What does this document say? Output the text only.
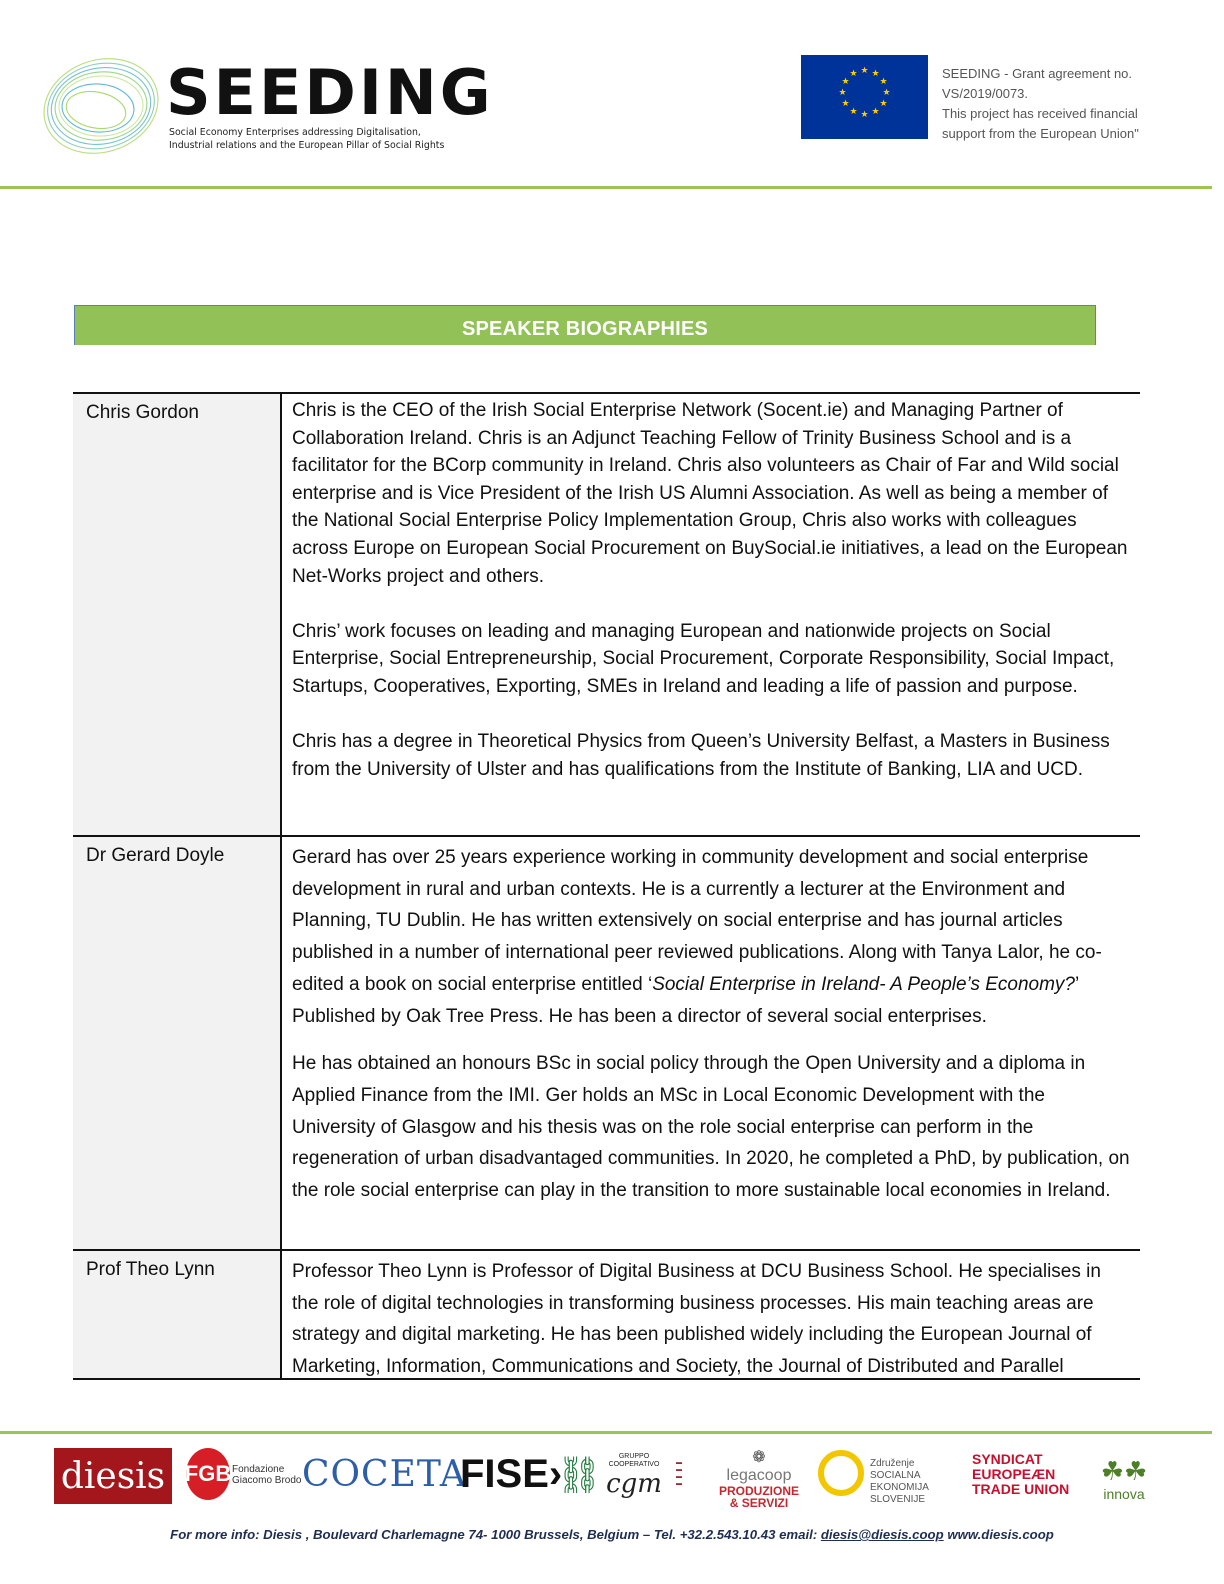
SEEDING
Social Economy Enterprises addressing Digitalisation,
Industrial relations and the European Pillar of Social Rights
★ ★
★
★
★
★
★
★
★
★
★
★	SEEDING - Grant agreement no.
VS/2019/0073.
This project has received financial
support from the European Union"
SPEAKER BIOGRAPHIES
Chris Gordon	Chris is the CEO of the Irish Social Enterprise Network (Socent.ie) and Managing Partner of Collaboration Ireland. Chris is an Adjunct Teaching Fellow of Trinity Business School and is a facilitator for the BCorp community in Ireland. Chris also volunteers as Chair of Far and Wild social enterprise and is Vice President of the Irish US Alumni Association. As well as being a member of the National Social Enterprise Policy Implementation Group, Chris also works with colleagues across Europe on European Social Procurement on BuySocial.ie initiatives, a lead on the European Net-Works project and others.

Chris’ work focuses on leading and managing European and nationwide projects on Social Enterprise, Social Entrepreneurship, Social Procurement, Corporate Responsibility, Social Impact, Startups, Cooperatives, Exporting, SMEs in Ireland and leading a life of passion and purpose.

Chris has a degree in Theoretical Physics from Queen’s University Belfast, a Masters in Business from the University of Ulster and has qualifications from the Institute of Banking, LIA and UCD.

Dr Gerard Doyle	Gerard has over 25 years experience working in community development and social enterprise development in rural and urban contexts. He is a currently a lecturer at the Environment and Planning, TU Dublin. He has written extensively on social enterprise and has journal articles published in a number of international peer reviewed publications. Along with Tanya Lalor, he co-edited a book on social enterprise entitled ‘Social Enterprise in Ireland- A People’s Economy?’ Published by Oak Tree Press. He has been a director of several social enterprises.

He has obtained an honours BSc in social policy through the Open University and a diploma in Applied Finance from the IMI. Ger holds an MSc in Local Economic Development with the University of Glasgow and his thesis was on the role social enterprise can perform in the regeneration of urban disadvantaged communities. In 2020, he completed a PhD, by publication, on the role social enterprise can play in the transition to more sustainable local economies in Ireland.

Prof Theo Lynn	Professor Theo Lynn is Professor of Digital Business at DCU Business School. He specialises in the role of digital technologies in transforming business processes. His main teaching areas are strategy and digital marketing. He has been published widely including the European Journal of Marketing, Information, Communications and Society, the Journal of Distributed and Parallel

diesis FGB Fondazione
Giacomo Brodo COCETA
FISE›
⛓ GRUPPO
COOPERATIVO
cgm
▬
▬
▬
▬
❁
legacoop
PRODUZIONE
& SERVIZI
Združenje
SOCIALNA EKONOMIJA
SLOVENIJE
SYNDICAT
EUROPEÆN
TRADE UNION
☘☘
innova
For more info: Diesis , Boulevard Charlemagne 74- 1000 Brussels, Belgium – Tel. +32.2.543.10.43 email: diesis@diesis.coop www.diesis.coop
